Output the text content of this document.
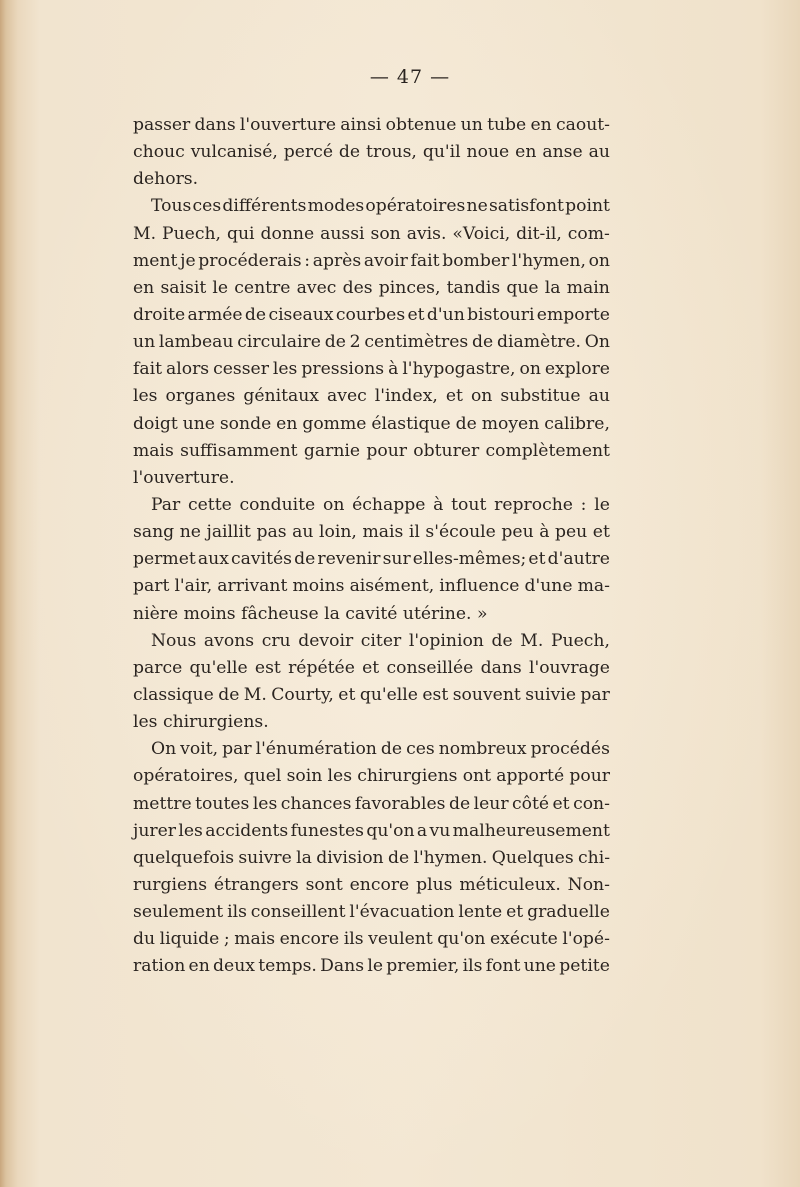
— 47 —
passer dans l'ouverture ainsi obtenue un tube en caout-
chouc vulcanisé, percé de trous, qu'il noue en anse au
dehors.
Tous ces différents modes opératoires ne satisfont point
M. Puech, qui donne aussi son avis. «Voici, dit-il, com-
ment je procéderais : après avoir fait bomber l'hymen, on
en saisit le centre avec des pinces, tandis que la main
droite armée de ciseaux courbes et d'un bistouri emporte
un lambeau circulaire de 2 centimètres de diamètre. On
fait alors cesser les pressions à l'hypogastre, on explore
les organes génitaux avec l'index, et on substitue au
doigt une sonde en gomme élastique de moyen calibre,
mais suffisamment garnie pour obturer complètement
l'ouverture.
Par cette conduite on échappe à tout reproche : le
sang ne jaillit pas au loin, mais il s'écoule peu à peu et
permet aux cavités de revenir sur elles-mêmes; et d'autre
part l'air, arrivant moins aisément, influence d'une ma-
nière moins fâcheuse la cavité utérine. »
Nous avons cru devoir citer l'opinion de M. Puech,
parce qu'elle est répétée et conseillée dans l'ouvrage
classique de M. Courty, et qu'elle est souvent suivie par
les chirurgiens.
On voit, par l'énumération de ces nombreux procédés
opératoires, quel soin les chirurgiens ont apporté pour
mettre toutes les chances favorables de leur côté et con-
jurer les accidents funestes qu'on a vu malheureusement
quelquefois suivre la division de l'hymen. Quelques chi-
rurgiens étrangers sont encore plus méticuleux. Non-
seulement ils conseillent l'évacuation lente et graduelle
du liquide ; mais encore ils veulent qu'on exécute l'opé-
ration en deux temps. Dans le premier, ils font une petite
